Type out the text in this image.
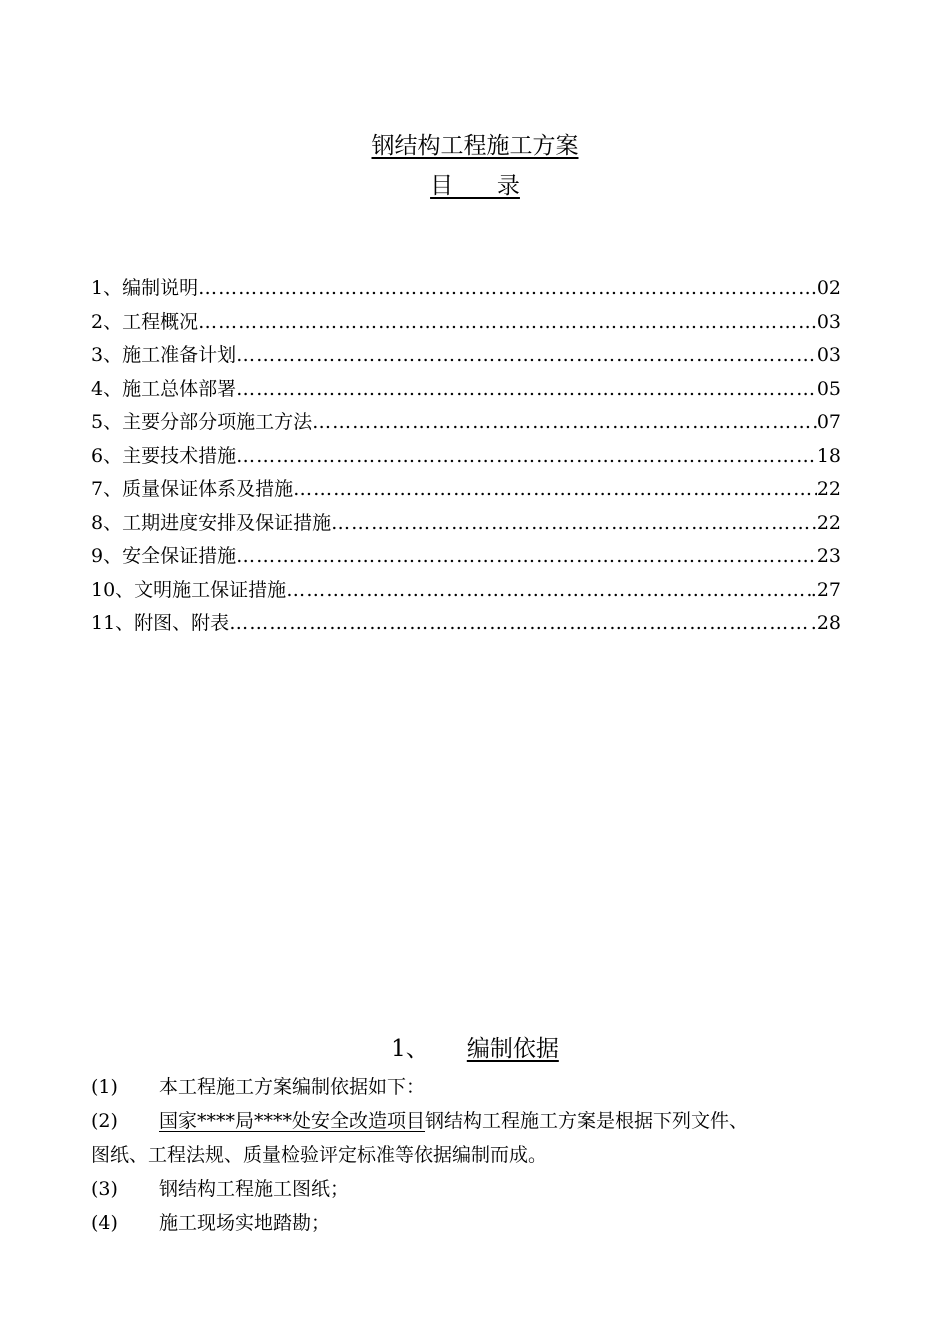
钢结构工程施工方案
目      录
1、编制说明 …………………………………………………………………………………………………………………………………………………………………………	02
2、工程概况 …………………………………………………………………………………………………………………………………………………………………………	03
3、施工准备计划 …………………………………………………………………………………………………………………………………………………………………………	03
4、施工总体部署 …………………………………………………………………………………………………………………………………………………………………………	05
5、主要分部分项施工方法 …………………………………………………………………………………………………………………………………………………………………………	07
6、主要技术措施 …………………………………………………………………………………………………………………………………………………………………………	18
7、质量保证体系及措施 …………………………………………………………………………………………………………………………………………………………………………	22
8、工期进度安排及保证措施 …………………………………………………………………………………………………………………………………………………………………………	22
9、安全保证措施 …………………………………………………………………………………………………………………………………………………………………………	23
10、文明施工保证措施 …………………………………………………………………………………………………………………………………………………………………………	.27
11、附图、附表 …………………………………………………………………………………………………………………………………………………………………………	.28
1、 编制依据
(1)	本工程施工方案编制依据如下：
(2)	国家****局****处安全改造项目钢结构工程施工方案是根据下列文件、
图纸、工程法规、质量检验评定标准等依据编制而成。
(3)	钢结构工程施工图纸；
(4)	施工现场实地踏勘；
